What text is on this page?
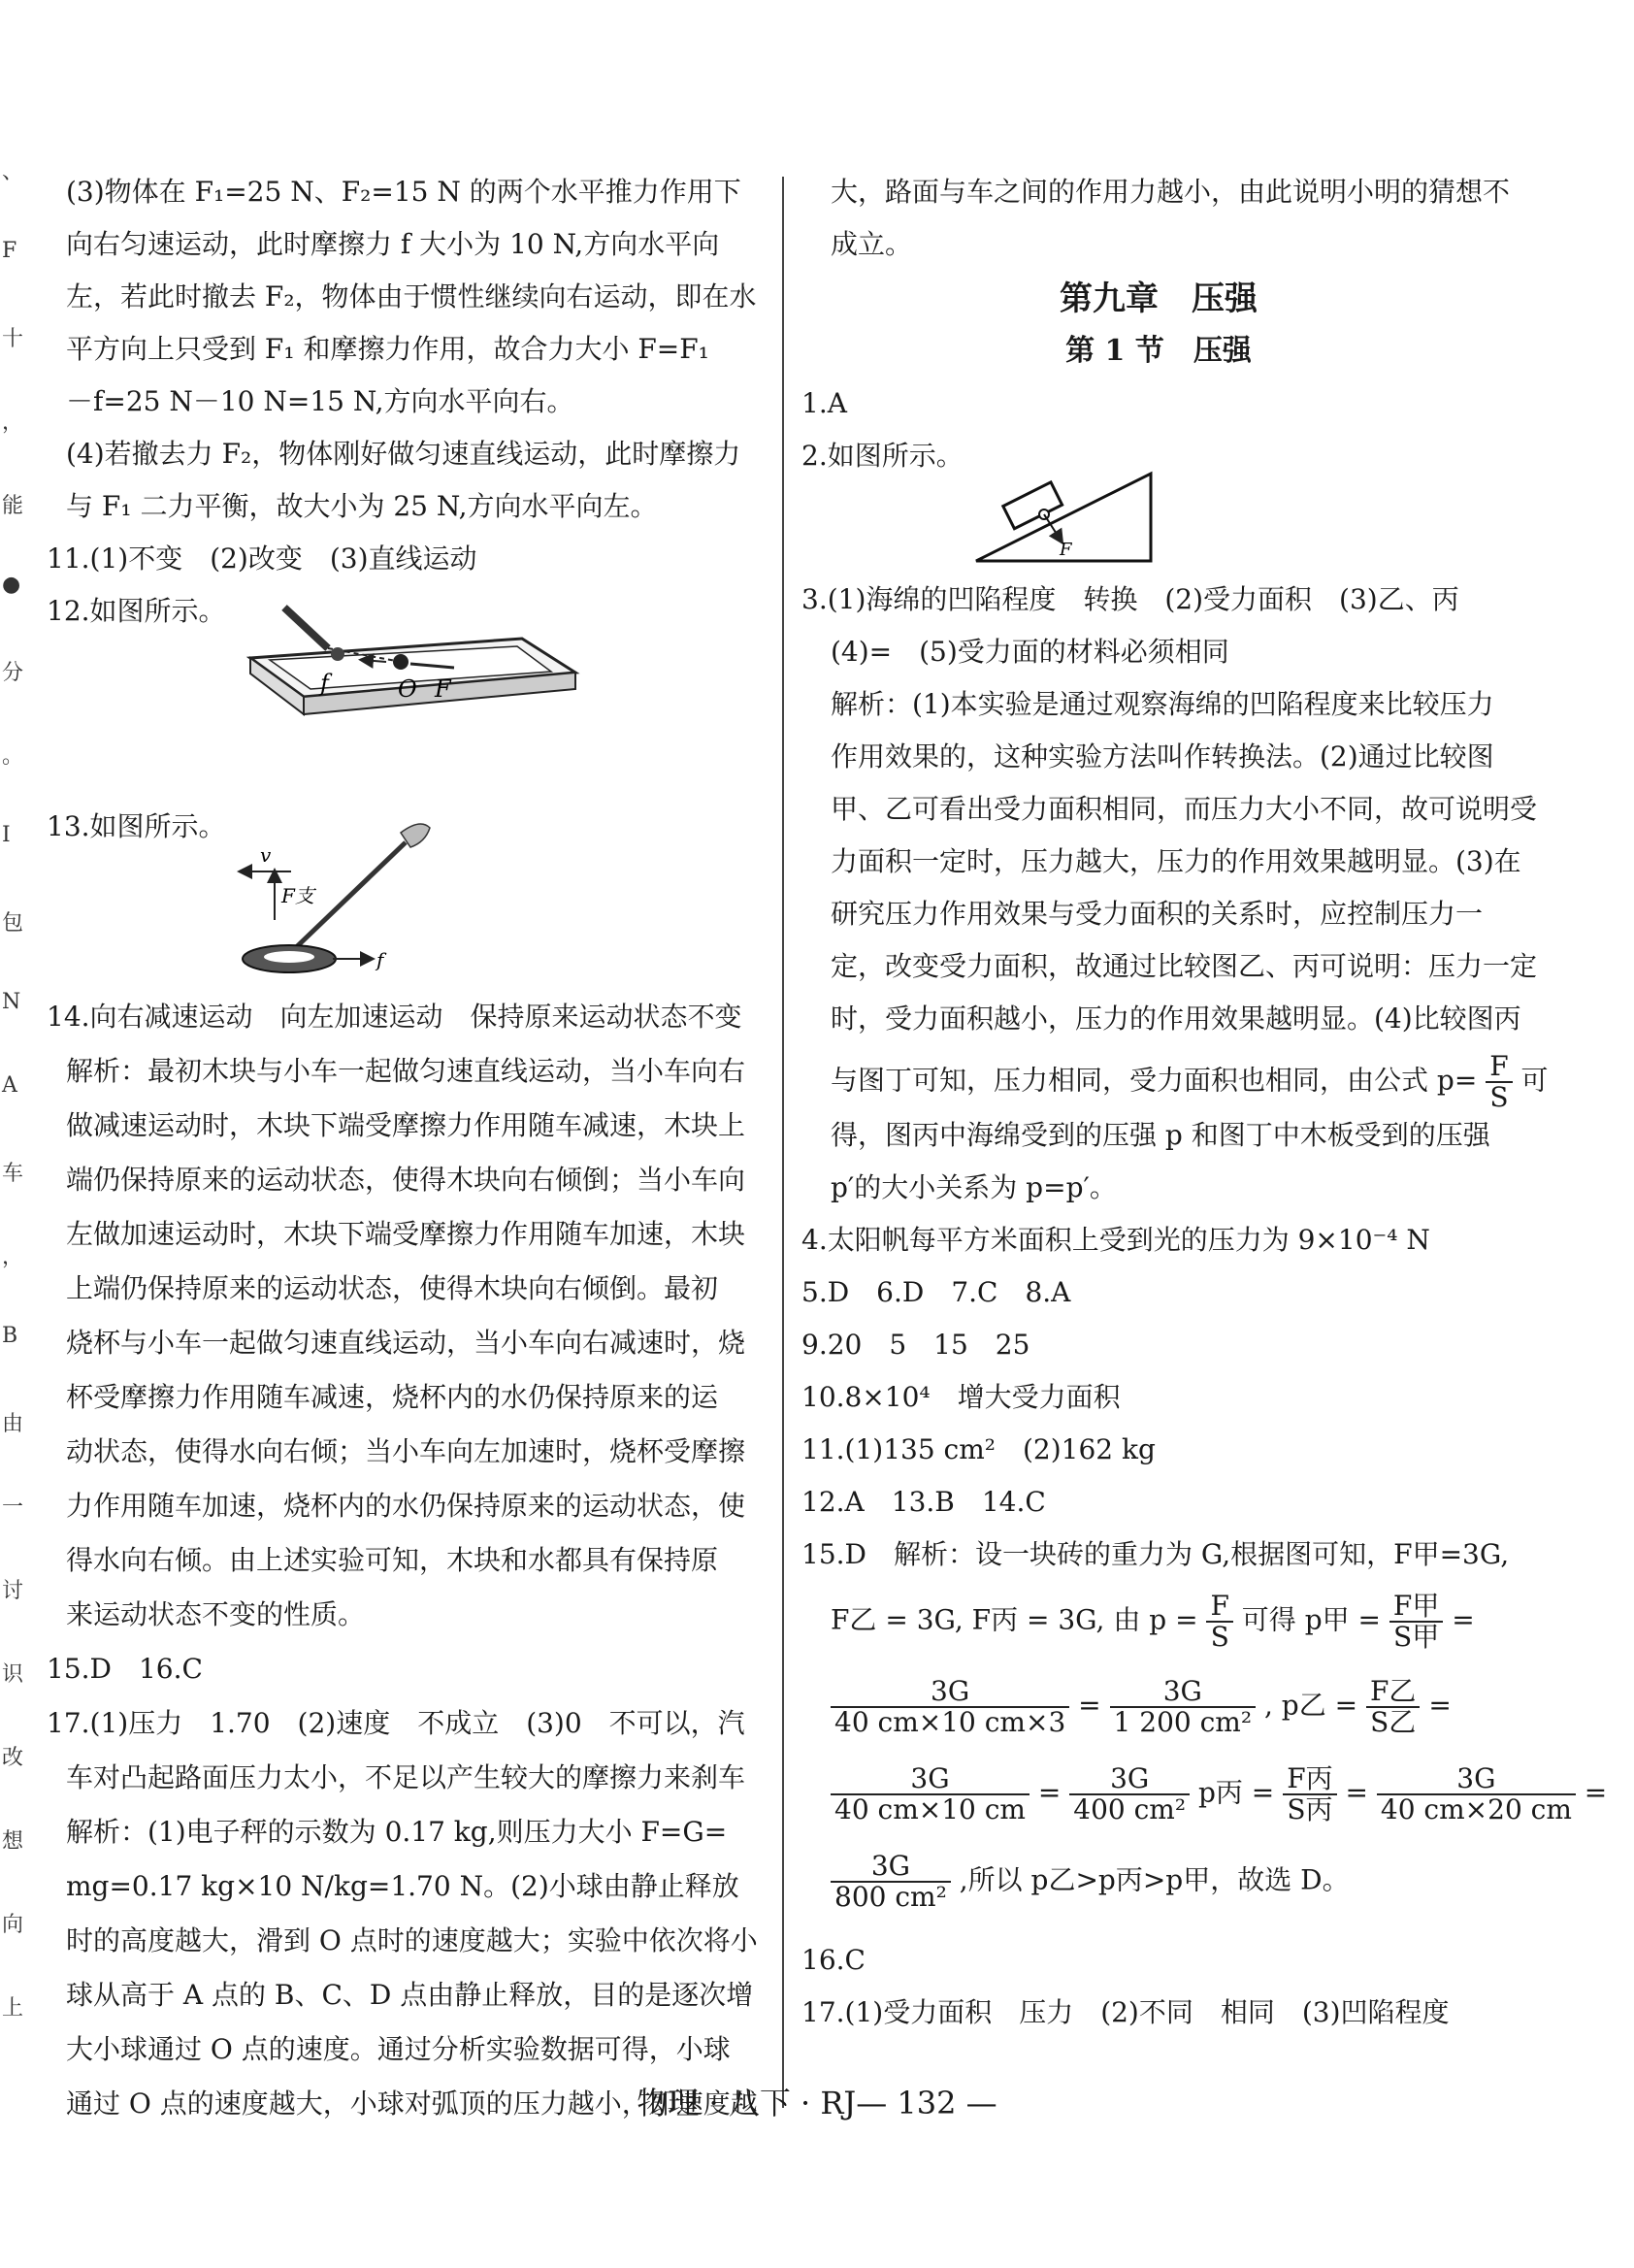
、
F
十
，
能
●
分
。
I
包
N
A
车
，
B
由
一
讨
识
改
想
向
上
(3)物体在 F₁=25 N、F₂=15 N 的两个水平推力作用下
向右匀速运动，此时摩擦力 f 大小为 10 N,方向水平向
左，若此时撤去 F₂，物体由于惯性继续向右运动，即在水
平方向上只受到 F₁ 和摩擦力作用，故合力大小 F=F₁
－f=25 N－10 N=15 N,方向水平向右。
(4)若撤去力 F₂，物体刚好做匀速直线运动，此时摩擦力
与 F₁ 二力平衡，故大小为 25 N,方向水平向左。
11.(1)不变　(2)改变　(3)直线运动
12.如图所示。
f	O F
13.如图所示。
v
F支
f
14.向右减速运动　向左加速运动　保持原来运动状态不变
解析：最初木块与小车一起做匀速直线运动，当小车向右
做减速运动时，木块下端受摩擦力作用随车减速，木块上
端仍保持原来的运动状态，使得木块向右倾倒；当小车向
左做加速运动时，木块下端受摩擦力作用随车加速，木块
上端仍保持原来的运动状态，使得木块向右倾倒。最初
烧杯与小车一起做匀速直线运动，当小车向右减速时，烧
杯受摩擦力作用随车减速，烧杯内的水仍保持原来的运
动状态，使得水向右倾；当小车向左加速时，烧杯受摩擦
力作用随车加速，烧杯内的水仍保持原来的运动状态，使
得水向右倾。由上述实验可知，木块和水都具有保持原
来运动状态不变的性质。
15.D　16.C
17.(1)压力　1.70　(2)速度　不成立　(3)0　不可以，汽
车对凸起路面压力太小，不足以产生较大的摩擦力来刹车
解析：(1)电子秤的示数为 0.17 kg,则压力大小 F=G=
mg=0.17 kg×10 N/kg=1.70 N。(2)小球由静止释放
时的高度越大，滑到 O 点时的速度越大；实验中依次将小
球从高于 A 点的 B、C、D 点由静止释放，目的是逐次增
大小球通过 O 点的速度。通过分析实验数据可得，小球
通过 O 点的速度越大，小球对弧顶的压力越小，即速度越
大，路面与车之间的作用力越小，由此说明小明的猜想不
成立。
第九章　压强
第 1 节　压强
1.A
2.如图所示。
F
3.(1)海绵的凹陷程度　转换　(2)受力面积　(3)乙、丙
(4)=　(5)受力面的材料必须相同
解析：(1)本实验是通过观察海绵的凹陷程度来比较压力
作用效果的，这种实验方法叫作转换法。(2)通过比较图
甲、乙可看出受力面积相同，而压力大小不同，故可说明受
力面积一定时，压力越大，压力的作用效果越明显。(3)在
研究压力作用效果与受力面积的关系时，应控制压力一
定，改变受力面积，故通过比较图乙、丙可说明：压力一定
时，受力面积越小，压力的作用效果越明显。(4)比较图丙
与图丁可知，压力相同，受力面积也相同，由公式 $p= \frac{F}{S}$ 可
得，图丙中海绵受到的压强 p 和图丁中木板受到的压强
p′的大小关系为 p=p′。
4.太阳帆每平方米面积上受到光的压力为 9×10⁻⁴ N
5.D　6.D　7.C　8.A
9.20　5　15　25
10.8×10⁴　增大受力面积
11.(1)135 cm²　(2)162 kg
12.A　13.B　14.C
15.D　解析：设一块砖的重力为 G,根据图可知，F甲=3G,
F乙 = 3G, F丙 = 3G, 由 $p = \frac{F}{S}$ 可得 p甲 = $\frac{\text{F甲}}{\text{S甲}}$ =
$\frac{3G}{40 cm\times 10 cm\times 3} = \frac{3G}{\text{1 200 cm²}}$ , p乙 = $\frac{\text{F乙}}{\text{S乙}}$ =
$\frac{3G}{40 cm\times 10 cm} = \frac{3G}{\text{400 cm²}}$ p丙 = $\frac{\text{F丙}}{\text{S丙}} = \frac{3G}{40 cm\times 20 cm}$ =
$\frac{3G}{\text{800 cm²}}$ ,所以 p乙>p丙>p甲，故选 D。
16.C
17.(1)受力面积　压力　(2)不同　相同　(3)凹陷程度
物理 · 八下 · RJ— 132 —
